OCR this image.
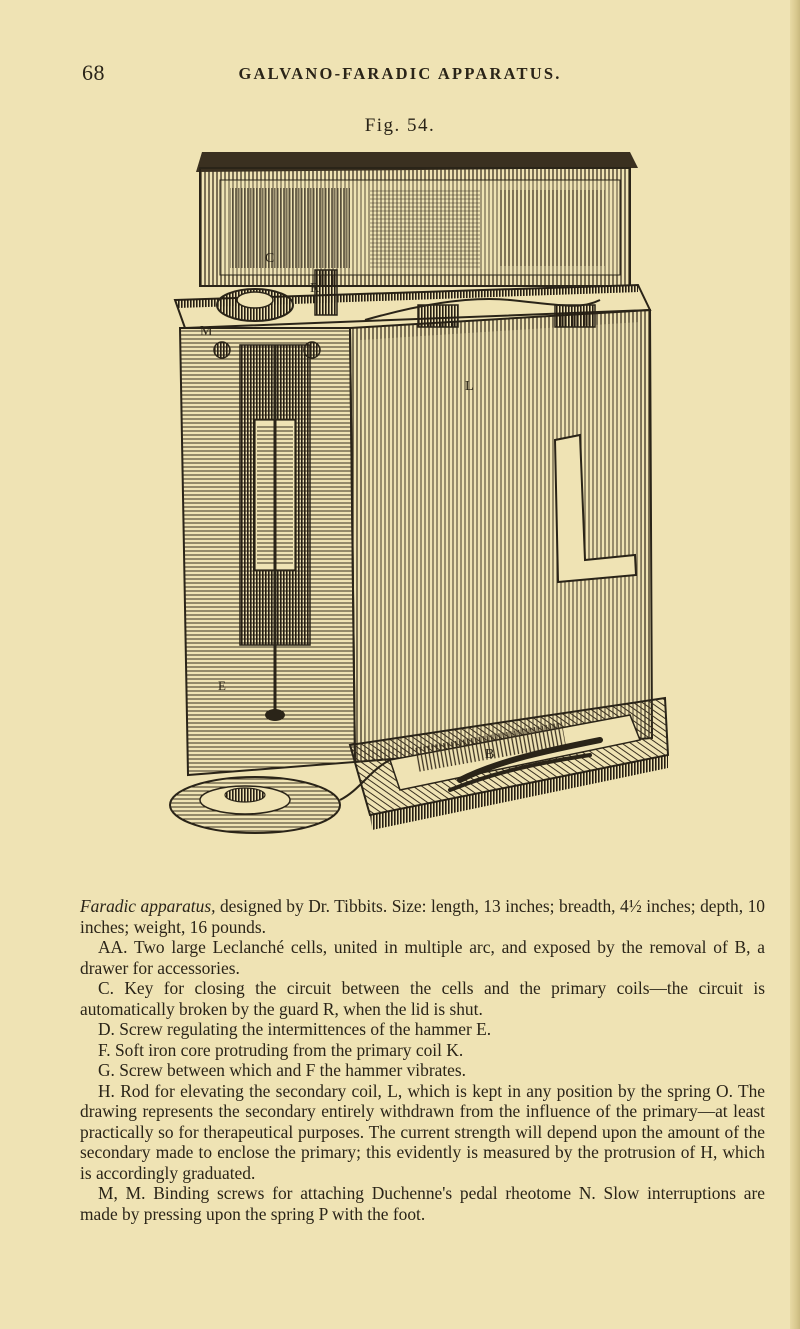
68	GALVANO-FARADIC APPARATUS.
Fig. 54.
C
R
M
L
E
B

Faradic apparatus, designed by Dr. Tibbits. Size: length, 13 inches; breadth, 4½ inches; depth, 10 inches; weight, 16 pounds.

AA. Two large Leclanché cells, united in multiple arc, and exposed by the removal of B, a drawer for accessories.

C. Key for closing the circuit between the cells and the primary coils—the circuit is automatically broken by the guard R, when the lid is shut.

D. Screw regulating the intermittences of the hammer E.

F. Soft iron core protruding from the primary coil K.

G. Screw between which and F the hammer vibrates.

H. Rod for elevating the secondary coil, L, which is kept in any position by the spring O. The drawing represents the secondary entirely withdrawn from the influence of the primary—at least practically so for therapeutical purposes. The current strength will depend upon the amount of the secondary made to enclose the primary; this evidently is measured by the protrusion of H, which is accordingly graduated.

M, M. Binding screws for attaching Duchenne's pedal rheotome N. Slow interruptions are made by pressing upon the spring P with the foot.
